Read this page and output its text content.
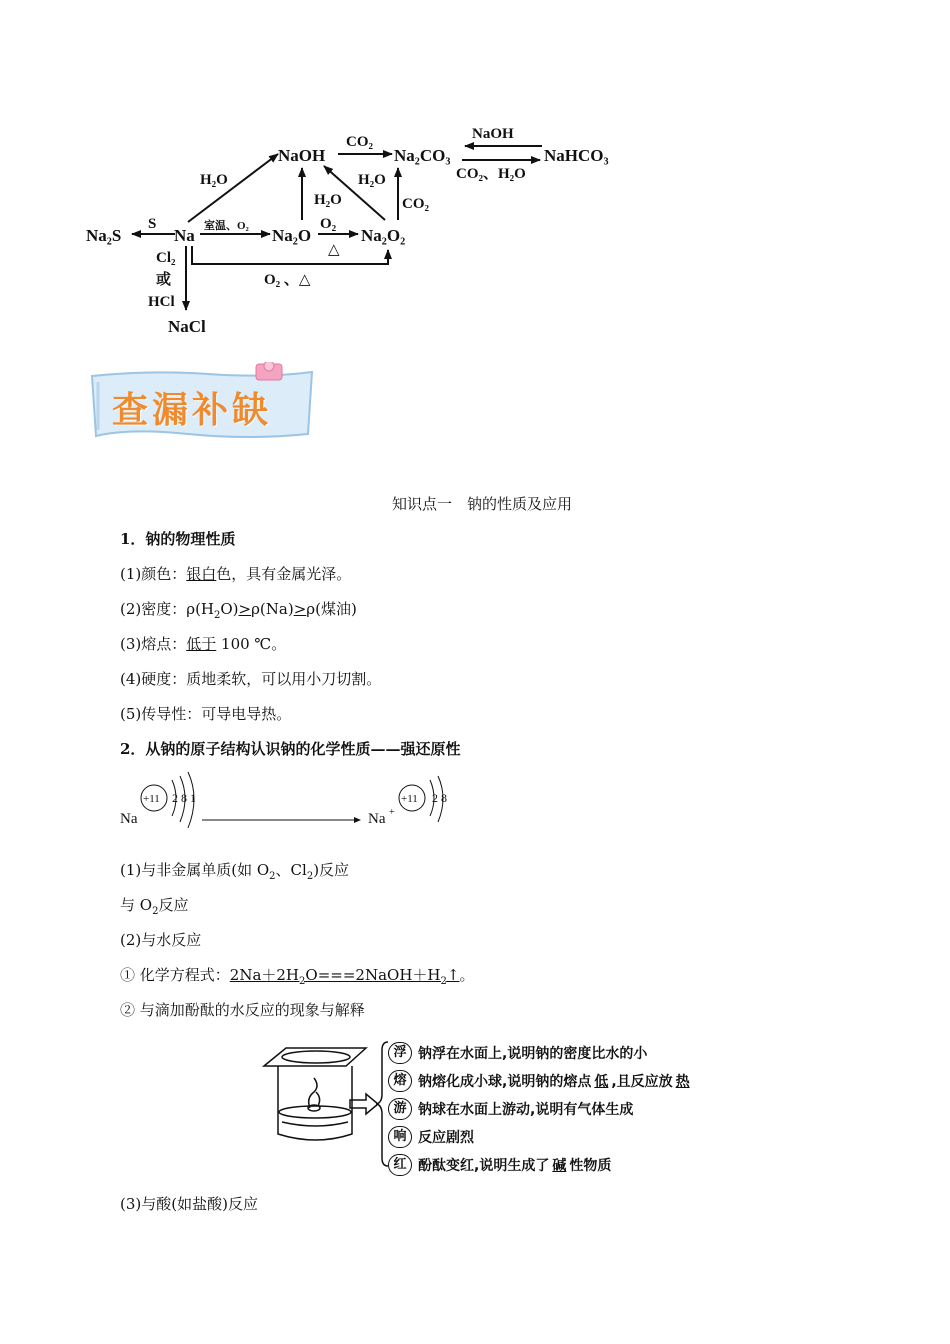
Na₂S	Na
NaOH	Na₂CO₃	NaHCO₃
Na₂O	Na₂O₂
NaCl
S
H₂O
CO₂	NaOH
CO₂、H₂O
H₂O
H₂O
CO₂
O₂
△
O₂ 、△
Cl₂
或
HCl
室温、O₂
查漏补缺
知识点一　钠的性质及应用
1．钠的物理性质
(1)颜色：银白色，具有金属光泽。
(2)密度：$\rho(H_2O)>\rho(Na)>\rho$(煤油)
(3)熔点：低于 100 ℃。
(4)硬度：质地柔软，可以用小刀切割。
(5)传导性：可导电导热。
2．从钠的原子结构认识钠的化学性质——强还原性
Na
+11 2 8 1
Na +
+11 2 8
(1)与非金属单质(如 $O_2$、$Cl_2$)反应
与 $O_2$反应
(2)与水反应
① 化学方程式：$2Na+2H_2O===2NaOH+H_2↑$。
② 与滴加酚酞的水反应的现象与解释
浮 钠浮在水面上,说明钠的密度比水的小
熔 钠熔化成小球,说明钠的熔点 低 ,且反应放 热
游 钠球在水面上游动,说明有气体生成
响 反应剧烈
红 酚酞变红,说明生成了 碱 性物质
(3)与酸(如盐酸)反应
